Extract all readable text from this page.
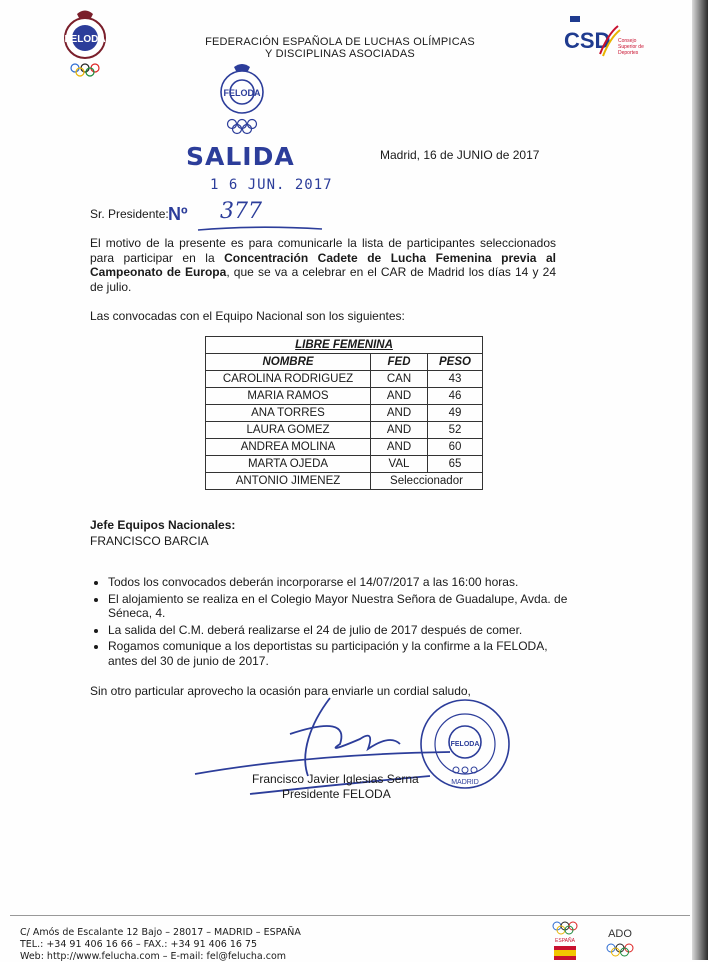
FELODA	FEDERACIÓN ESPAÑOLA DE LUCHAS OLÍMPICAS
Y DISCIPLINAS ASOCIADAS
CSD Consejo
Superior de
Deportes
FELODA
SALIDA
1 6 JUN. 2017
Madrid, 16 de JUNIO de 2017
Sr. Presidente: Nº 377
El motivo de la presente es para comunicarle la lista de participantes seleccionados para participar en la Concentración Cadete de Lucha Femenina previa al Campeonato de Europa, que se va a celebrar en el CAR de Madrid los días 14 y 24 de julio.
Las convocadas con el Equipo Nacional son los siguientes:
LIBRE FEMENINA		
NOMBRE	FED	PESO
CAROLINA RODRIGUEZ	CAN	43
MARIA RAMOS	AND	46
ANA TORRES	AND	49
LAURA GOMEZ	AND	52
ANDREA MOLINA	AND	60
MARTA OJEDA	VAL	65
ANTONIO JIMENEZ	Seleccionador	
Jefe Equipos Nacionales:
FRANCISCO BARCIA
• Todos los convocados deberán incorporarse el 14/07/2017 a las 16:00 horas.
• El alojamiento se realiza en el Colegio Mayor Nuestra Señora de Guadalupe, Avda. de Séneca, 4.
• La salida del C.M. deberá realizarse el 24 de julio de 2017 después de comer.
• Rogamos comunique a los deportistas su participación y la confirme a la FELODA, antes del 30 de junio de 2017.
Sin otro particular aprovecho la ocasión para enviarle un cordial saludo,
FELODA
MADRID
Francisco Javier Iglesias Serna
Presidente FELODA
C/ Amós de Escalante 12 Bajo – 28017 – MADRID – ESPAÑA
TEL.: +34 91 406 16 66 – FAX.: +34 91 406 16 75
Web: http://www.felucha.com – E-mail: fel@felucha.com
ESPAÑA
ADO
